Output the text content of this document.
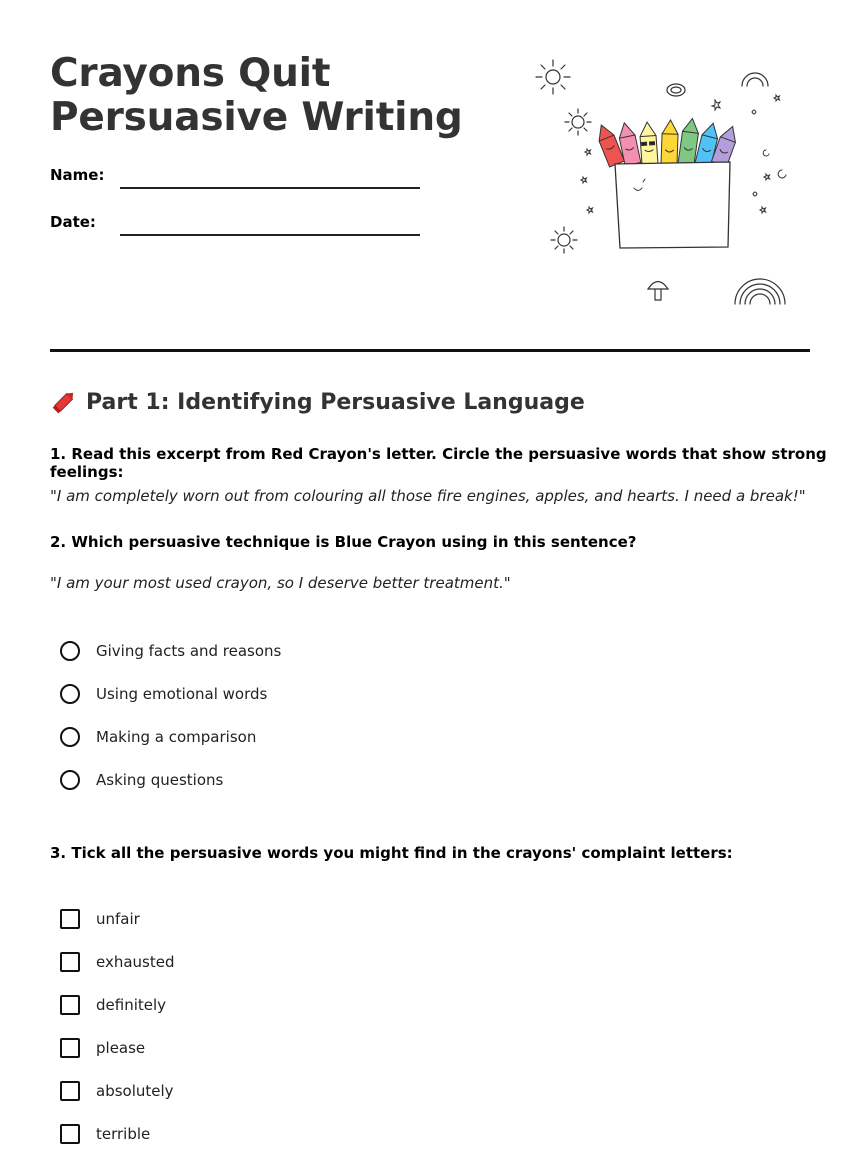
Crayons Quit Persuasive Writing
Name:
Date:
Part 1: Identifying Persuasive Language

1. Read this excerpt from Red Crayon's letter. Circle the persuasive words that show strong feelings:

"I am completely worn out from colouring all those fire engines, apples, and hearts. I need a break!"

2. Which persuasive technique is Blue Crayon using in this sentence?

"I am your most used crayon, so I deserve better treatment."

Giving facts and reasons
Using emotional words
Making a comparison
Asking questions

3. Tick all the persuasive words you might find in the crayons' complaint letters:

unfair
exhausted
definitely
please
absolutely
terrible
